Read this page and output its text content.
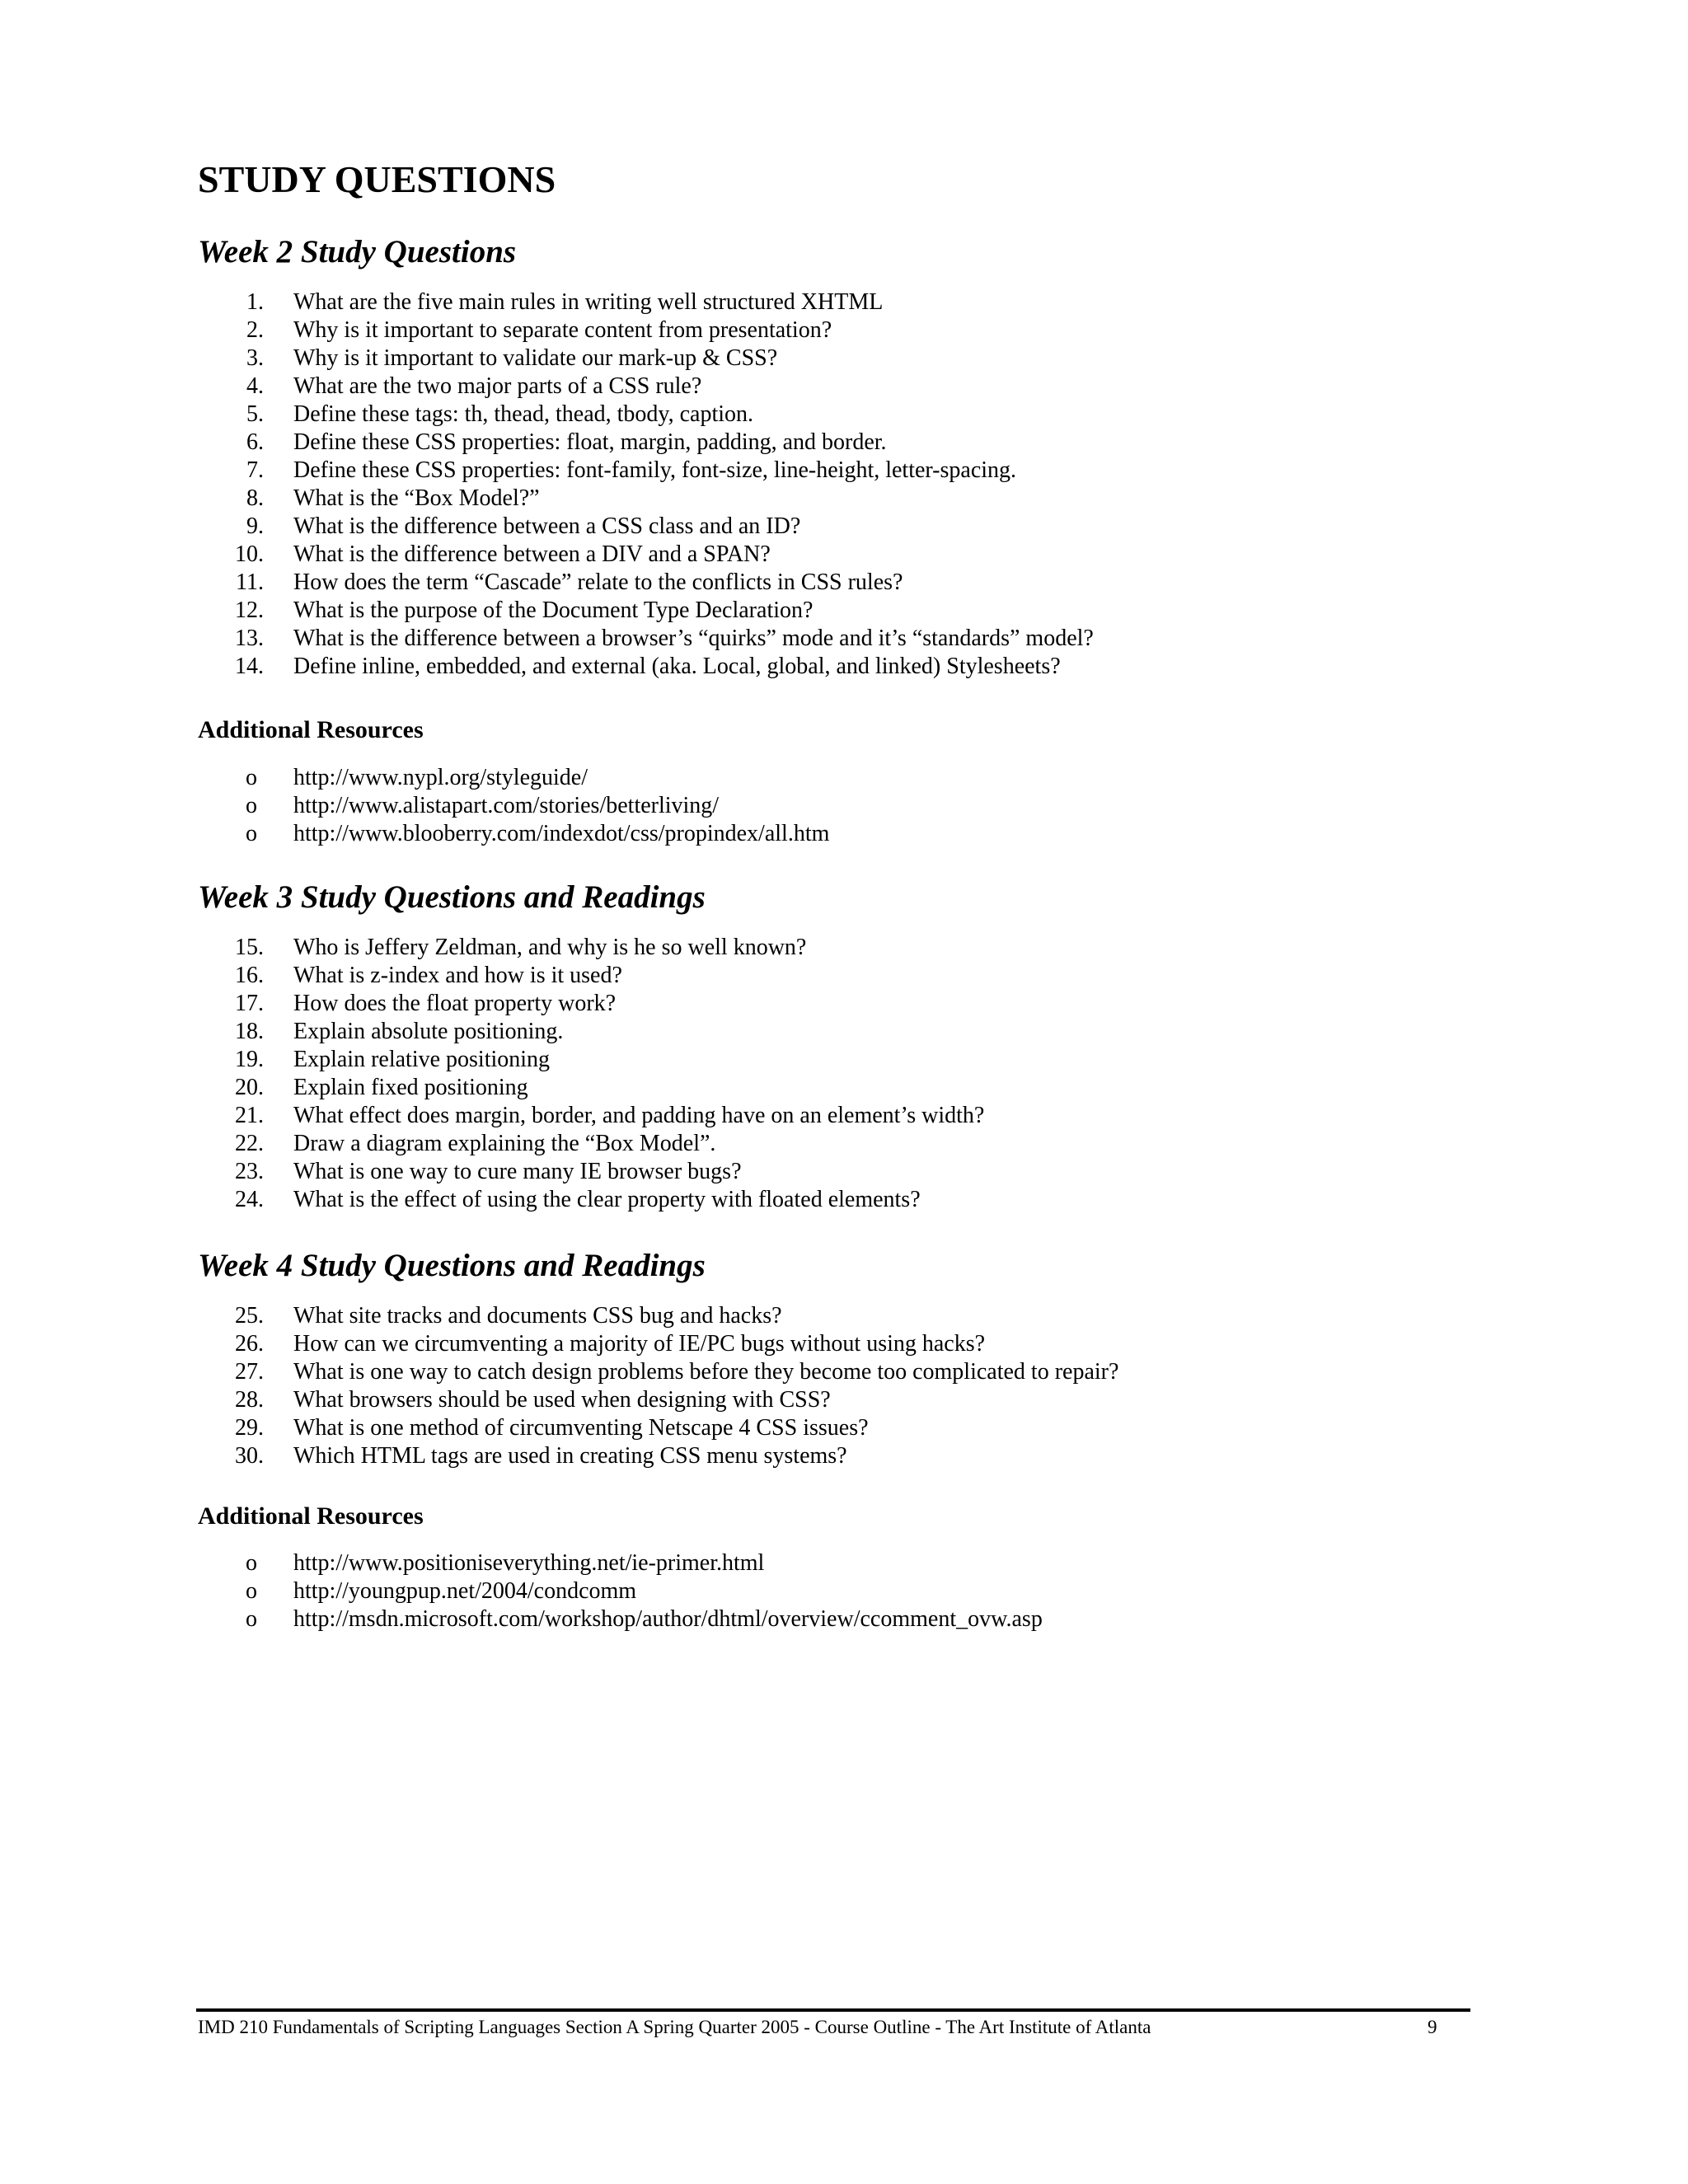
STUDY QUESTIONS
Week 2 Study Questions
1. What are the five main rules in writing well structured XHTML
2. Why is it important to separate content from presentation?
3. Why is it important to validate our mark-up & CSS?
4. What are the two major parts of a CSS rule?
5. Define these tags: th, thead, thead, tbody, caption.
6. Define these CSS properties: float, margin, padding, and border.
7. Define these CSS properties: font-family, font-size, line-height, letter-spacing.
8. What is the “Box Model?”
9. What is the difference between a CSS class and an ID?
10. What is the difference between a DIV and a SPAN?
11. How does the term “Cascade” relate to the conflicts in CSS rules?
12. What is the purpose of the Document Type Declaration?
13. What is the difference between a browser’s “quirks” mode and it’s “standards” model?
14. Define inline, embedded, and external (aka. Local, global, and linked) Stylesheets?
Additional Resources
o http://www.nypl.org/styleguide/
o http://www.alistapart.com/stories/betterliving/
o http://www.blooberry.com/indexdot/css/propindex/all.htm
Week 3 Study Questions and Readings
15. Who is Jeffery Zeldman, and why is he so well known?
16. What is z-index and how is it used?
17. How does the float property work?
18. Explain absolute positioning.
19. Explain relative positioning
20. Explain fixed positioning
21. What effect does margin, border, and padding have on an element’s width?
22. Draw a diagram explaining the “Box Model”.
23. What is one way to cure many IE browser bugs?
24. What is the effect of using the clear property with floated elements?
Week 4 Study Questions and Readings
25. What site tracks and documents CSS bug and hacks?
26. How can we circumventing a majority of IE/PC bugs without using hacks?
27. What is one way to catch design problems before they become too complicated to repair?
28. What browsers should be used when designing with CSS?
29. What is one method of circumventing Netscape 4 CSS issues?
30. Which HTML tags are used in creating CSS menu systems?
Additional Resources
o http://www.positioniseverything.net/ie-primer.html
o http://youngpup.net/2004/condcomm
o http://msdn.microsoft.com/workshop/author/dhtml/overview/ccomment_ovw.asp
IMD 210 Fundamentals of Scripting Languages Section A Spring Quarter 2005 - Course Outline - The Art Institute of Atlanta	9
